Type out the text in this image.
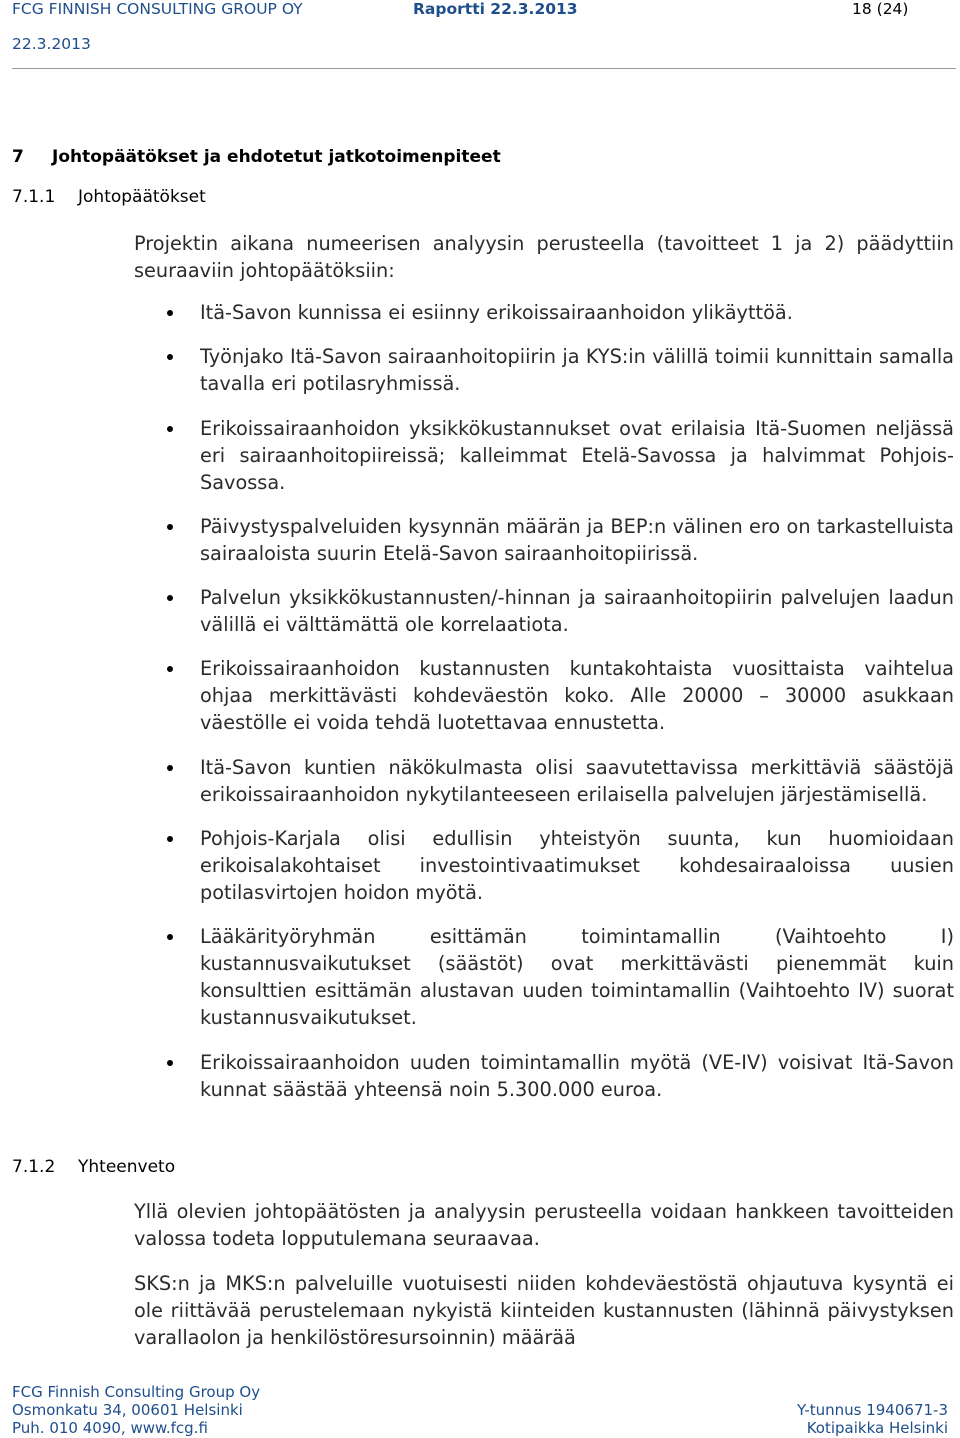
FCG FINNISH CONSULTING GROUP OY	Raportti 22.3.2013	18 (24)
22.3.2013
7 Johtopäätökset ja ehdotetut jatkotoimenpiteet
7.1.1 Johtopäätökset
Projektin aikana numeerisen analyysin perusteella (tavoitteet 1 ja 2) päädyttiin seuraaviin johtopäätöksiin:
Itä-Savon kunnissa ei esiinny erikoissairaanhoidon ylikäyttöä.
Työnjako Itä-Savon sairaanhoitopiirin ja KYS:in välillä toimii kunnittain samalla tavalla eri potilasryhmissä.
Erikoissairaanhoidon yksikkökustannukset ovat erilaisia Itä-Suomen neljässä eri sairaanhoitopiireissä; kalleimmat Etelä-Savossa ja halvimmat Pohjois-Savossa.
Päivystyspalveluiden kysynnän määrän ja BEP:n välinen ero on tarkastelluista sairaaloista suurin Etelä-Savon sairaanhoitopiirissä.
Palvelun yksikkökustannusten/-hinnan ja sairaanhoitopiirin palvelujen laadun välillä ei välttämättä ole korrelaatiota.
Erikoissairaanhoidon kustannusten kuntakohtaista vuosittaista vaihtelua ohjaa merkittävästi kohdeväestön koko. Alle 20000 – 30000 asukkaan väestölle ei voida tehdä luotettavaa ennustetta.
Itä-Savon kuntien näkökulmasta olisi saavutettavissa merkittäviä säästöjä erikoissairaanhoidon nykytilanteeseen erilaisella palvelujen järjestämisellä.
Pohjois-Karjala olisi edullisin yhteistyön suunta, kun huomioidaan erikoisalakohtaiset investointivaatimukset kohdesairaaloissa uusien potilasvirtojen hoidon myötä.
Lääkärityöryhmän esittämän toimintamallin (Vaihtoehto I) kustannusvaikutukset (säästöt) ovat merkittävästi pienemmät kuin konsulttien esittämän alustavan uuden toimintamallin (Vaihtoehto IV) suorat kustannusvaikutukset.
Erikoissairaanhoidon uuden toimintamallin myötä (VE-IV) voisivat Itä-Savon kunnat säästää yhteensä noin 5.300.000 euroa.
7.1.2 Yhteenveto
Yllä olevien johtopäätösten ja analyysin perusteella voidaan hankkeen tavoitteiden valossa todeta lopputulemana seuraavaa.
SKS:n ja MKS:n palveluille vuotuisesti niiden kohdeväestöstä ohjautuva kysyntä ei ole riittävää perustelemaan nykyistä kiinteiden kustannusten (lähinnä päivystyksen varallaolon ja henkilöstöresursoinnin) määrää
FCG Finnish Consulting Group Oy
Osmonkatu 34, 00601 Helsinki
Puh. 010 4090, www.fcg.fi
Y-tunnus 1940671-3
Kotipaikka Helsinki
